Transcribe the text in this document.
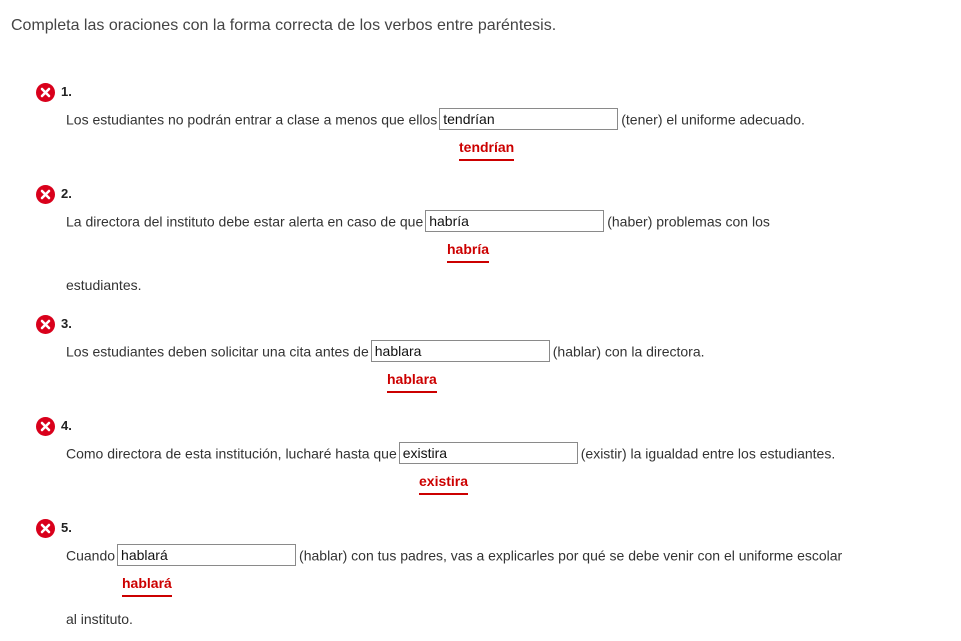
Completa las oraciones con la forma correcta de los verbos entre paréntesis.
1.
Los estudiantes no podrán entrar a clase a menos que ellos tendrían	(tener) el uniforme adecuado.
tendrían
2.
La directora del instituto debe estar alerta en caso de que habría	(haber) problemas con los
habría
estudiantes.
3.
Los estudiantes deben solicitar una cita antes de hablara	(hablar) con la directora.
hablara
4.
Como directora de esta institución, lucharé hasta que existira	(existir) la igualdad entre los estudiantes.
existira
5.
Cuando hablará	(hablar) con tus padres, vas a explicarles por qué se debe venir con el uniforme escolar
hablará
al instituto.
